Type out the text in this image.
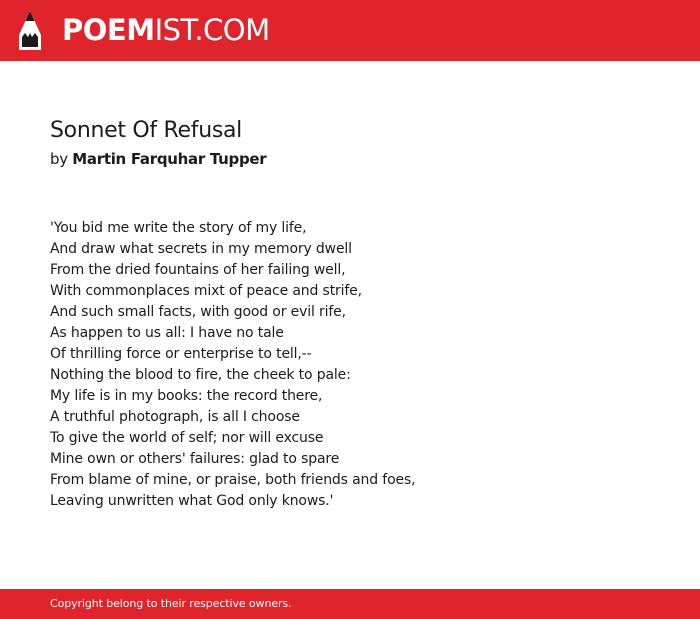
POEMIST.COM
Sonnet Of Refusal
by Martin Farquhar Tupper
'You bid me write the story of my life,
And draw what secrets in my memory dwell
From the dried fountains of her failing well,
With commonplaces mixt of peace and strife,
And such small facts, with good or evil rife,
As happen to us all: I have no tale
Of thrilling force or enterprise to tell,--
Nothing the blood to fire, the cheek to pale:
My life is in my books: the record there,
A truthful photograph, is all I choose
To give the world of self; nor will excuse
Mine own or others' failures: glad to spare
From blame of mine, or praise, both friends and foes,
Leaving unwritten what God only knows.'
Copyright belong to their respective owners.
